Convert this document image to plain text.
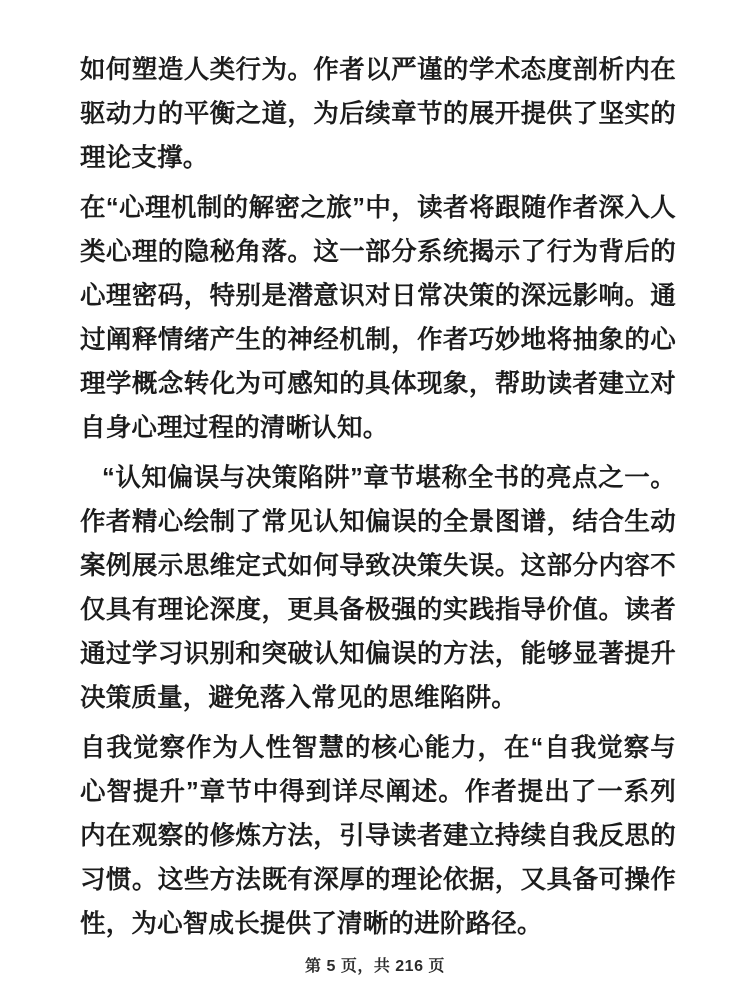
如何塑造人类行为。作者以严谨的学术态度剖析内在驱动力的平衡之道，为后续章节的展开提供了坚实的理论支撑。

在“心理机制的解密之旅”中，读者将跟随作者深入人类心理的隐秘角落。这一部分系统揭示了行为背后的心理密码，特别是潜意识对日常决策的深远影响。通过阐释情绪产生的神经机制，作者巧妙地将抽象的心理学概念转化为可感知的具体现象，帮助读者建立对自身心理过程的清晰认知。

“认知偏误与决策陷阱”章节堪称全书的亮点之一。作者精心绘制了常见认知偏误的全景图谱，结合生动案例展示思维定式如何导致决策失误。这部分内容不仅具有理论深度，更具备极强的实践指导价值。读者通过学习识别和突破认知偏误的方法，能够显著提升决策质量，避免落入常见的思维陷阱。

自我觉察作为人性智慧的核心能力，在“自我觉察与心智提升”章节中得到详尽阐述。作者提出了一系列内在观察的修炼方法，引导读者建立持续自我反思的习惯。这些方法既有深厚的理论依据，又具备可操作性，为心智成长提供了清晰的进阶路径。

第 5 页，共 216 页
